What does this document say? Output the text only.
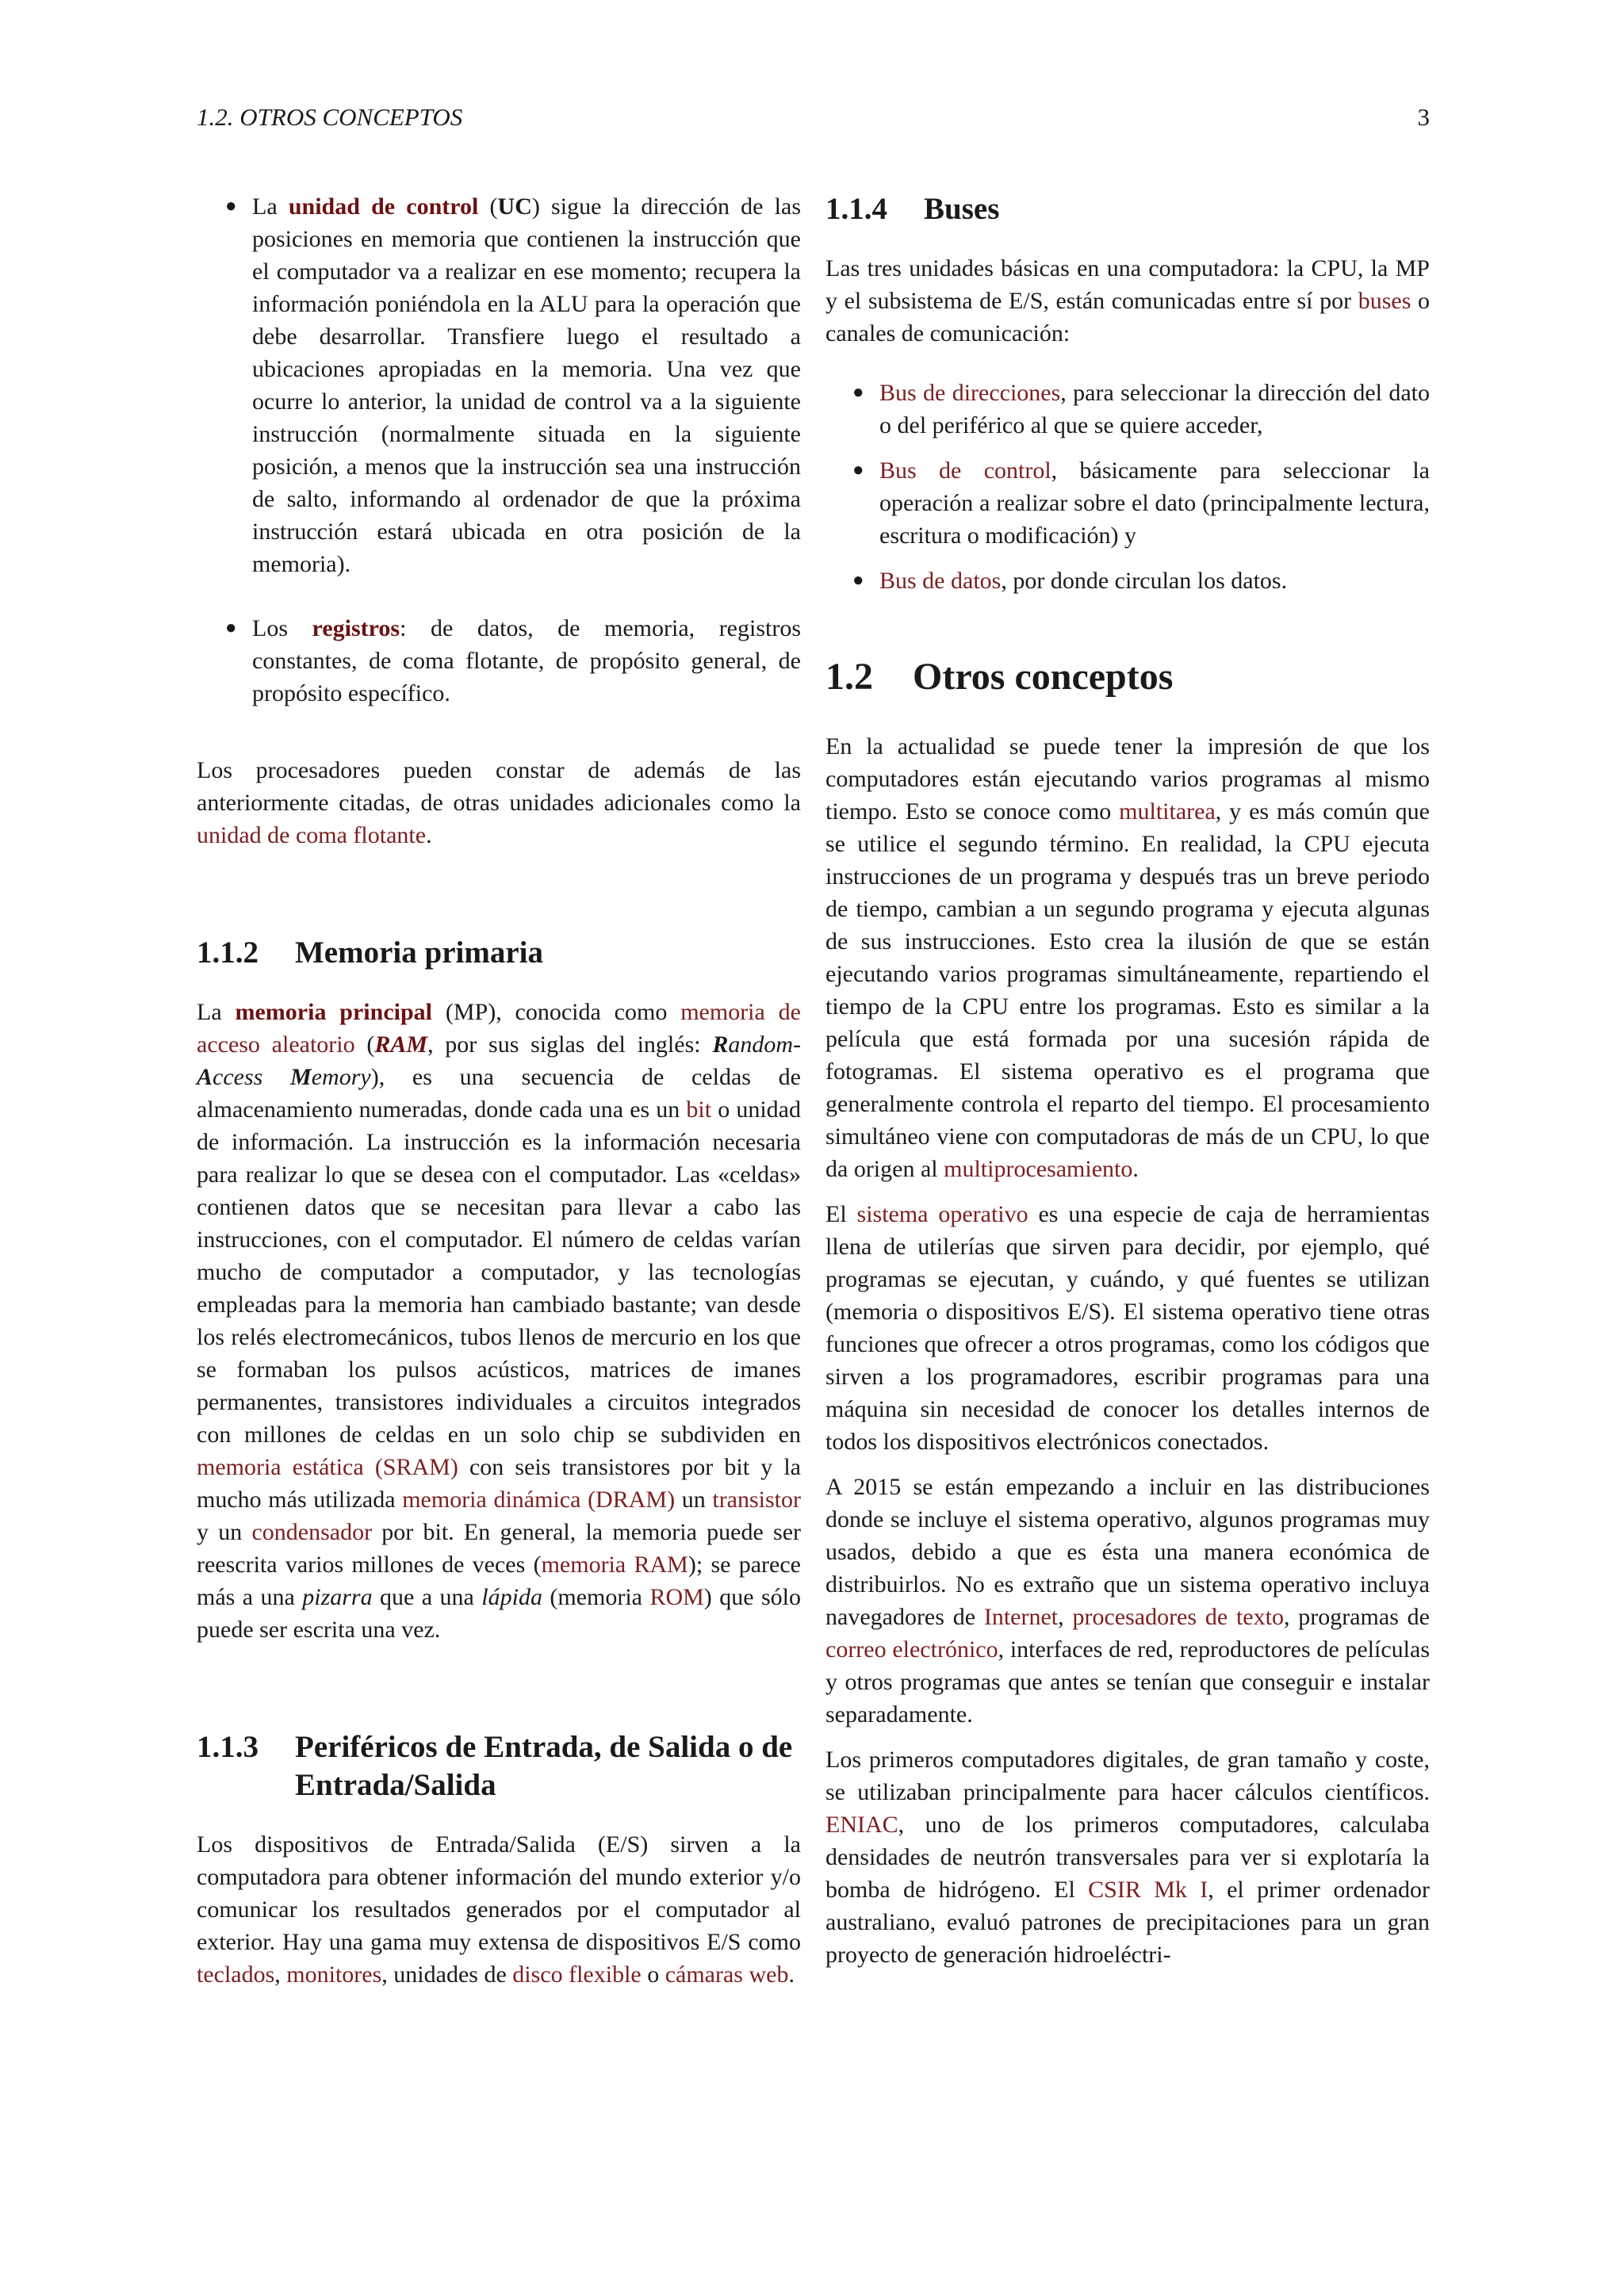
1.2. OTROS CONCEPTOS	3
● La unidad de control (UC) sigue la dirección de las posiciones en memoria que contienen la instrucción que el computador va a realizar en ese momento; recupera la información poniéndola en la ALU para la operación que debe desarrollar. Transfiere luego el resultado a ubicaciones apropiadas en la memoria. Una vez que ocurre lo anterior, la unidad de control va a la siguiente instrucción (normalmente situada en la siguiente posición, a menos que la instrucción sea una instrucción de salto, informando al ordenador de que la próxima instrucción estará ubicada en otra posición de la memoria).
● Los registros: de datos, de memoria, registros constantes, de coma flotante, de propósito general, de propósito específico.

Los procesadores pueden constar de además de las anteriormente citadas, de otras unidades adicionales como la unidad de coma flotante.

1.1.2	Memoria primaria

La memoria principal (MP), conocida como memoria de acceso aleatorio (RAM, por sus siglas del inglés: Random-Access Memory), es una secuencia de celdas de almacenamiento numeradas, donde cada una es un bit o unidad de información. La instrucción es la información necesaria para realizar lo que se desea con el computador. Las «celdas» contienen datos que se necesitan para llevar a cabo las instrucciones, con el computador. El número de celdas varían mucho de computador a computador, y las tecnologías empleadas para la memoria han cambiado bastante; van desde los relés electromecánicos, tubos llenos de mercurio en los que se formaban los pulsos acústicos, matrices de imanes permanentes, transistores individuales a circuitos integrados con millones de celdas en un solo chip se subdividen en memoria estática (SRAM) con seis transistores por bit y la mucho más utilizada memoria dinámica (DRAM) un transistor y un condensador por bit. En general, la memoria puede ser reescrita varios millones de veces (memoria RAM); se parece más a una pizarra que a una lápida (memoria ROM) que sólo puede ser escrita una vez.

1.1.3	Periféricos de Entrada, de Salida o de Entrada/Salida

Los dispositivos de Entrada/Salida (E/S) sirven a la computadora para obtener información del mundo exterior y/o comunicar los resultados generados por el computador al exterior. Hay una gama muy extensa de dispositivos E/S como teclados, monitores, unidades de disco flexible o cámaras web.

1.1.4	Buses

Las tres unidades básicas en una computadora: la CPU, la MP y el subsistema de E/S, están comunicadas entre sí por buses o canales de comunicación:

● Bus de direcciones, para seleccionar la dirección del dato o del periférico al que se quiere acceder,
● Bus de control, básicamente para seleccionar la operación a realizar sobre el dato (principalmente lectura, escritura o modificación) y
● Bus de datos, por donde circulan los datos.
1.2	Otros conceptos

En la actualidad se puede tener la impresión de que los computadores están ejecutando varios programas al mismo tiempo. Esto se conoce como multitarea, y es más común que se utilice el segundo término. En realidad, la CPU ejecuta instrucciones de un programa y después tras un breve periodo de tiempo, cambian a un segundo programa y ejecuta algunas de sus instrucciones. Esto crea la ilusión de que se están ejecutando varios programas simultáneamente, repartiendo el tiempo de la CPU entre los programas. Esto es similar a la película que está formada por una sucesión rápida de fotogramas. El sistema operativo es el programa que generalmente controla el reparto del tiempo. El procesamiento simultáneo viene con computadoras de más de un CPU, lo que da origen al multiprocesamiento.

El sistema operativo es una especie de caja de herramientas llena de utilerías que sirven para decidir, por ejemplo, qué programas se ejecutan, y cuándo, y qué fuentes se utilizan (memoria o dispositivos E/S). El sistema operativo tiene otras funciones que ofrecer a otros programas, como los códigos que sirven a los programadores, escribir programas para una máquina sin necesidad de conocer los detalles internos de todos los dispositivos electrónicos conectados.

A 2015 se están empezando a incluir en las distribuciones donde se incluye el sistema operativo, algunos programas muy usados, debido a que es ésta una manera económica de distribuirlos. No es extraño que un sistema operativo incluya navegadores de Internet, procesadores de texto, programas de correo electrónico, interfaces de red, reproductores de películas y otros programas que antes se tenían que conseguir e instalar separadamente.

Los primeros computadores digitales, de gran tamaño y coste, se utilizaban principalmente para hacer cálculos científicos. ENIAC, uno de los primeros computadores, calculaba densidades de neutrón transversales para ver si explotaría la bomba de hidrógeno. El CSIR Mk I, el primer ordenador australiano, evaluó patrones de precipitaciones para un gran proyecto de generación hidroeléctri-
